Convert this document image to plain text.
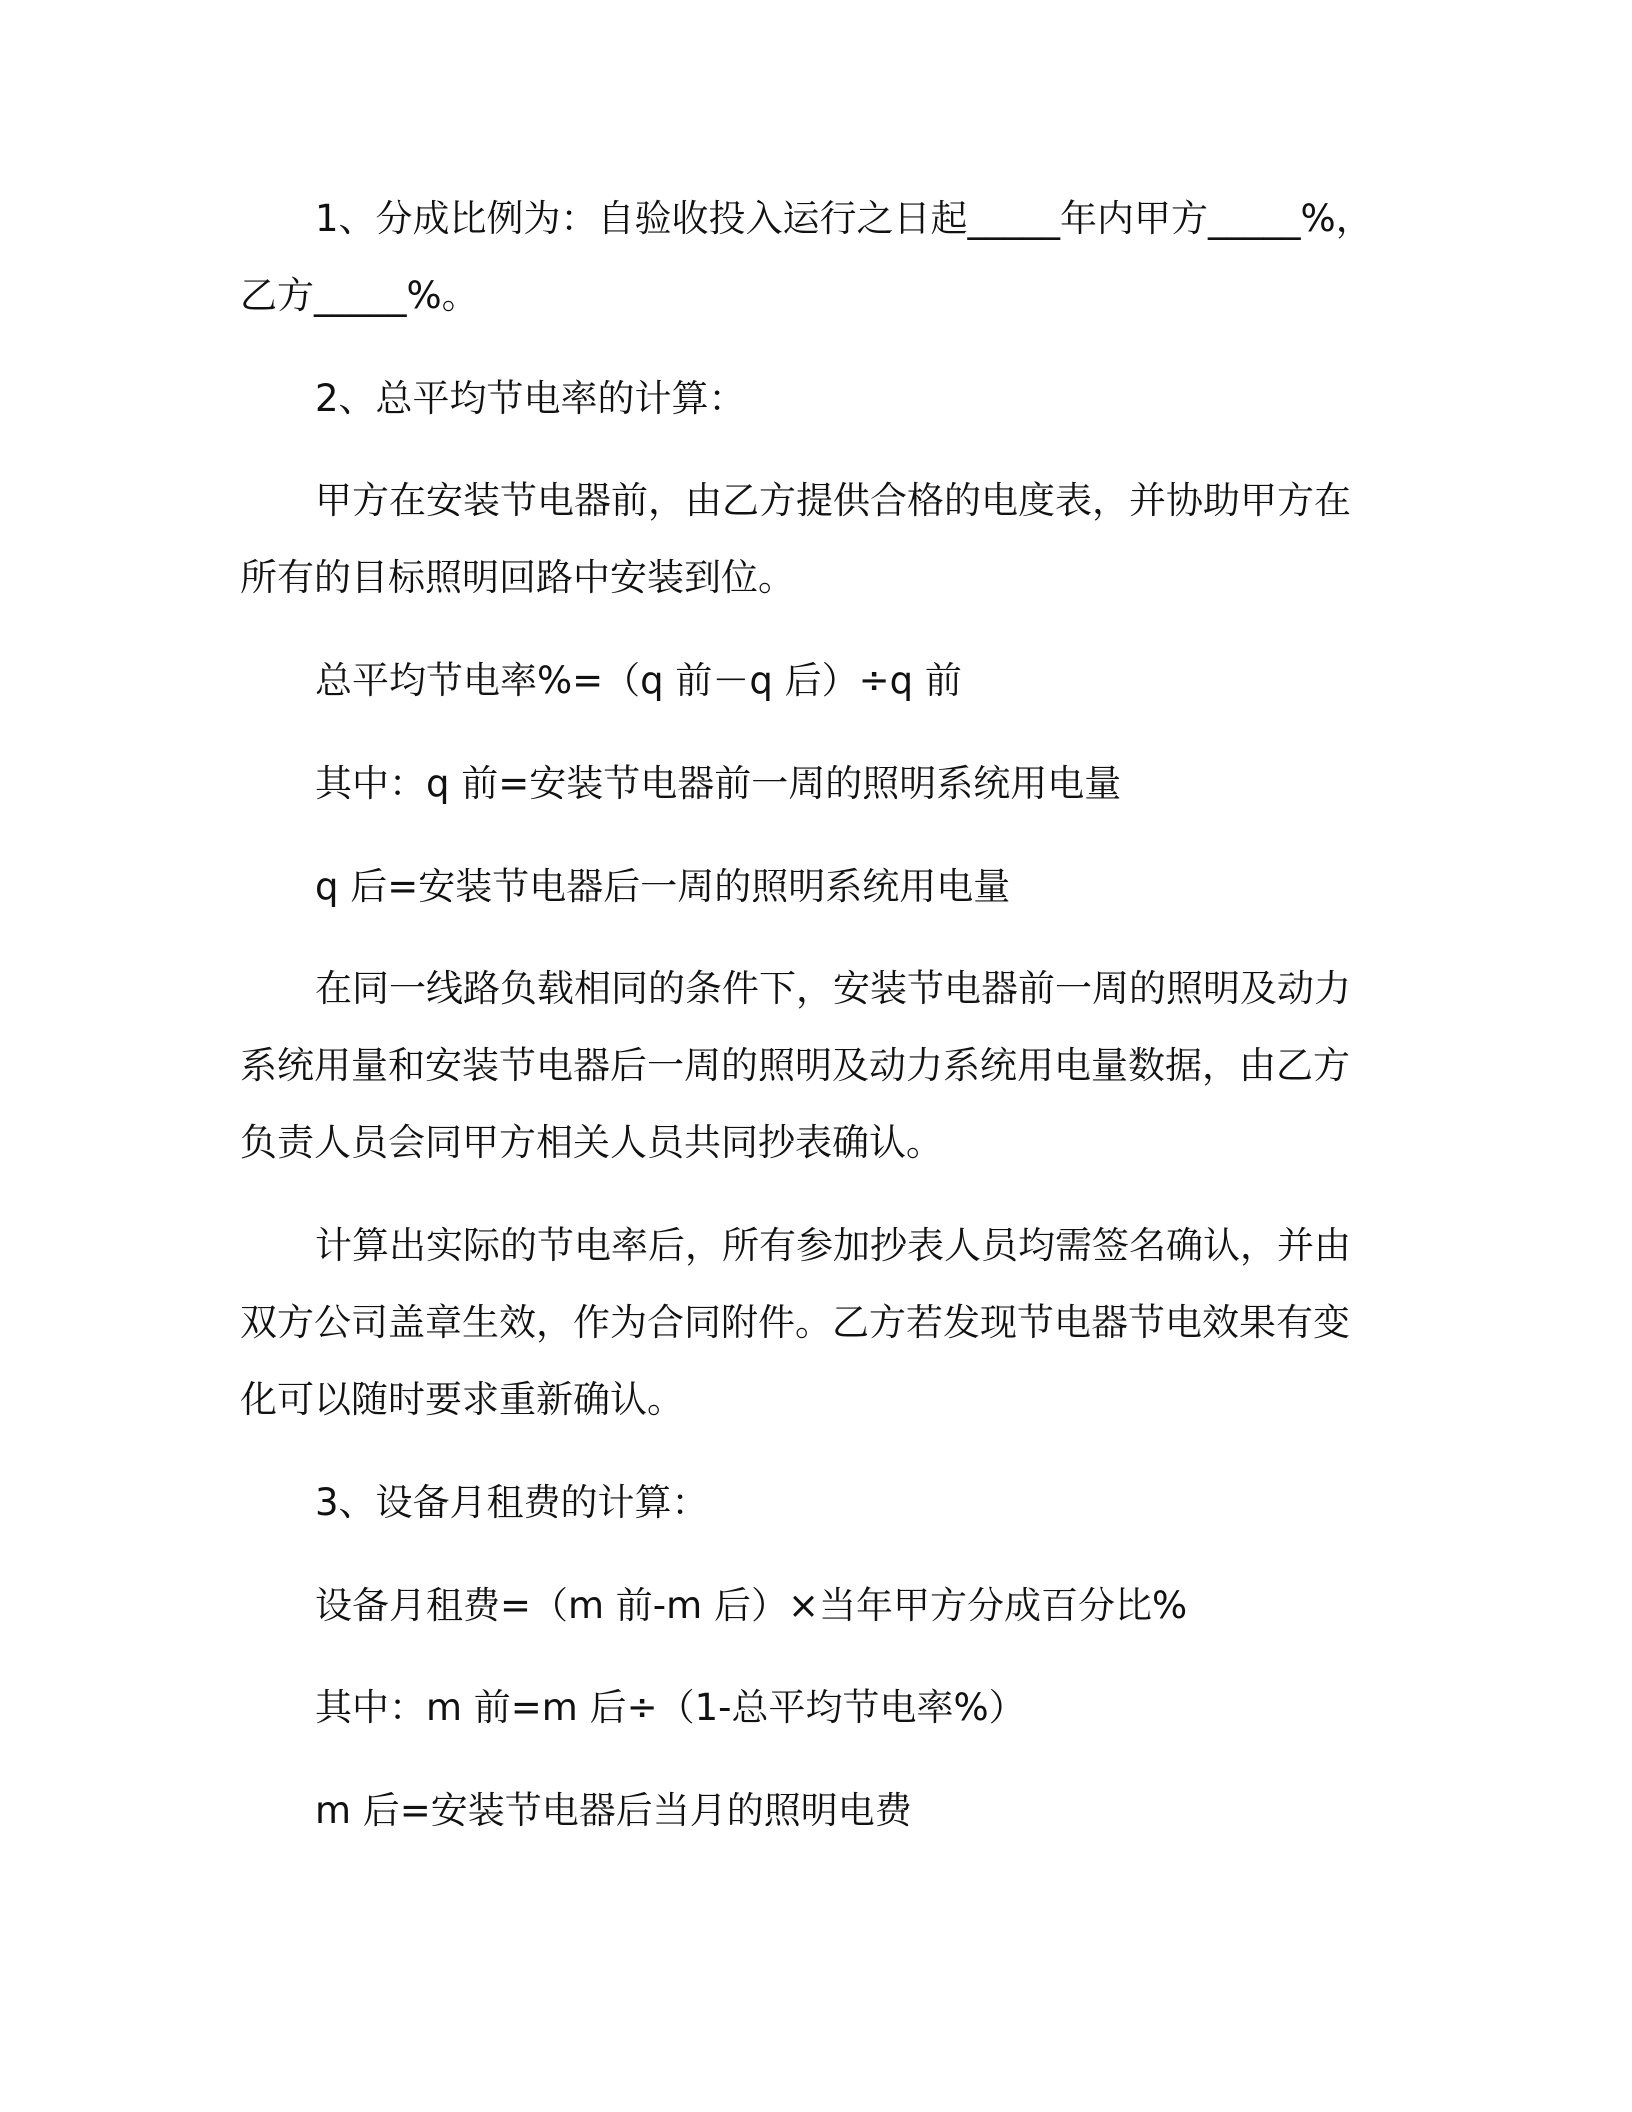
1、分成比例为：自验收投入运行之日起_____年内甲方_____%，
乙方_____%。

2、总平均节电率的计算：

甲方在安装节电器前，由乙方提供合格的电度表，并协助甲方在
所有的目标照明回路中安装到位。

总平均节电率%=（q 前－q 后）÷q 前

其中：q 前=安装节电器前一周的照明系统用电量

q 后=安装节电器后一周的照明系统用电量

在同一线路负载相同的条件下，安装节电器前一周的照明及动力
系统用量和安装节电器后一周的照明及动力系统用电量数据，由乙方
负责人员会同甲方相关人员共同抄表确认。

计算出实际的节电率后，所有参加抄表人员均需签名确认，并由
双方公司盖章生效，作为合同附件。乙方若发现节电器节电效果有变
化可以随时要求重新确认。

3、设备月租费的计算：

设备月租费=（m 前-m 后）×当年甲方分成百分比%

其中：m 前=m 后÷（1-总平均节电率%）

m 后=安装节电器后当月的照明电费
